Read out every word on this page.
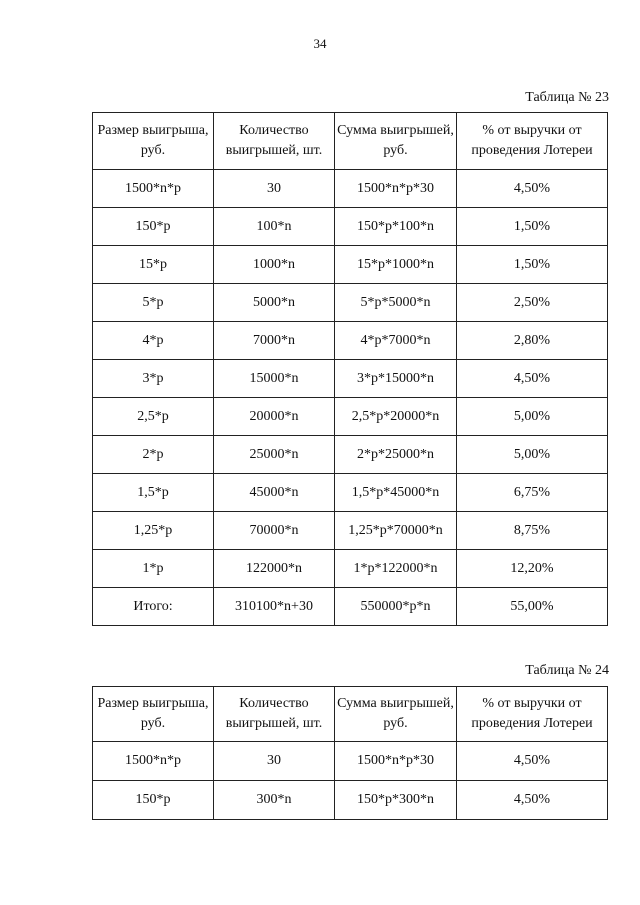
34
Таблица № 23
Размер выигрыша, руб.	Количество выигрышей, шт.	Сумма выигрышей, руб.	% от выручки от проведения Лотереи
1500*n*p	30	1500*n*p*30	4,50%
150*p	100*n	150*p*100*n	1,50%
15*p	1000*n	15*p*1000*n	1,50%
5*p	5000*n	5*p*5000*n	2,50%
4*p	7000*n	4*p*7000*n	2,80%
3*p	15000*n	3*p*15000*n	4,50%
2,5*p	20000*n	2,5*p*20000*n	5,00%
2*p	25000*n	2*p*25000*n	5,00%
1,5*p	45000*n	1,5*p*45000*n	6,75%
1,25*p	70000*n	1,25*p*70000*n	8,75%
1*p	122000*n	1*p*122000*n	12,20%
Итого:	310100*n+30	550000*p*n	55,00%
Таблица № 24
Размер выигрыша, руб.	Количество выигрышей, шт.	Сумма выигрышей, руб.	% от выручки от проведения Лотереи
1500*n*p	30	1500*n*p*30	4,50%
150*p	300*n	150*p*300*n	4,50%
